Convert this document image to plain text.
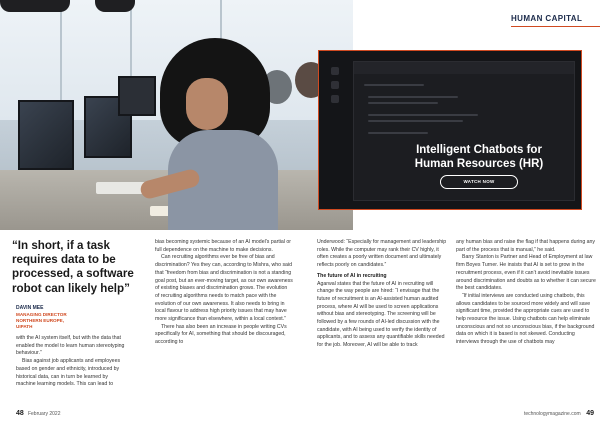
Intelligent Chatbots for
Human Resources (HR)
WATCH NOW
HUMAN CAPITAL
“In short, if a task requires data to be processed, a software robot can likely help”
DAVIN MEE
MANAGING DIRECTOR
NORTHERN EUROPE,
UIPATH

with the AI system itself, but with the data that enabled the model to learn human stereotyping behaviour.”

Bias against job applicants and employees based on gender and ethnicity, introduced by historical data, can in turn be learned by machine learning models. This can lead to

bias becoming systemic because of an AI model’s partial or full dependence on the machine to make decisions.

Can recruiting algorithms ever be free of bias and discrimination? Yes they can, according to Mishra, who said that “freedom from bias and discrimination is not a standing goal post, but an ever-moving target, as our own awareness of existing biases and discrimination grows. The evolution of recruiting algorithms needs to match pace with the evolution of our own awareness. It also needs to bring in local flavour to address high priority issues that may have more significance than elsewhere, within a local context.”

There has also been an increase in people writing CVs specifically for AI, something that should be discouraged, according to

Underwood: “Especially for management and leadership roles. While the computer may rank their CV highly, it often creates a poorly written document and ultimately reflects poorly on candidates.”

The future of AI in recruiting

Agarwal states that the future of AI in recruiting will change the way people are hired: “I envisage that the future of recruitment is an AI-assisted human audited process, where AI will be used to screen applications without bias and stereotyping. The screening will be followed by a few rounds of AI-led discussion with the candidate, with AI being used to verify the identity of applicants, and to assess any quantifiable skills needed for the job. Moreover, AI will be able to track

any human bias and raise the flag if that happens during any part of the process that is manual,” he said.

Barry Stanton is Partner and Head of Employment at law firm Boyes Turner. He insists that AI is set to grow in the recruitment process, even if it can’t avoid inevitable issues around discrimination and doubts as to whether it can secure the best candidates.

“If initial interviews are conducted using chatbots, this allows candidates to be sourced more widely and will save significant time, provided the appropriate cues are used to help resource the issue. Using chatbots can help eliminate unconscious and not so unconscious bias, if the background data on which it is based is not skewed. Conducting interviews through the use of chatbots may

48 February 2022	technologymagazine.com 49
